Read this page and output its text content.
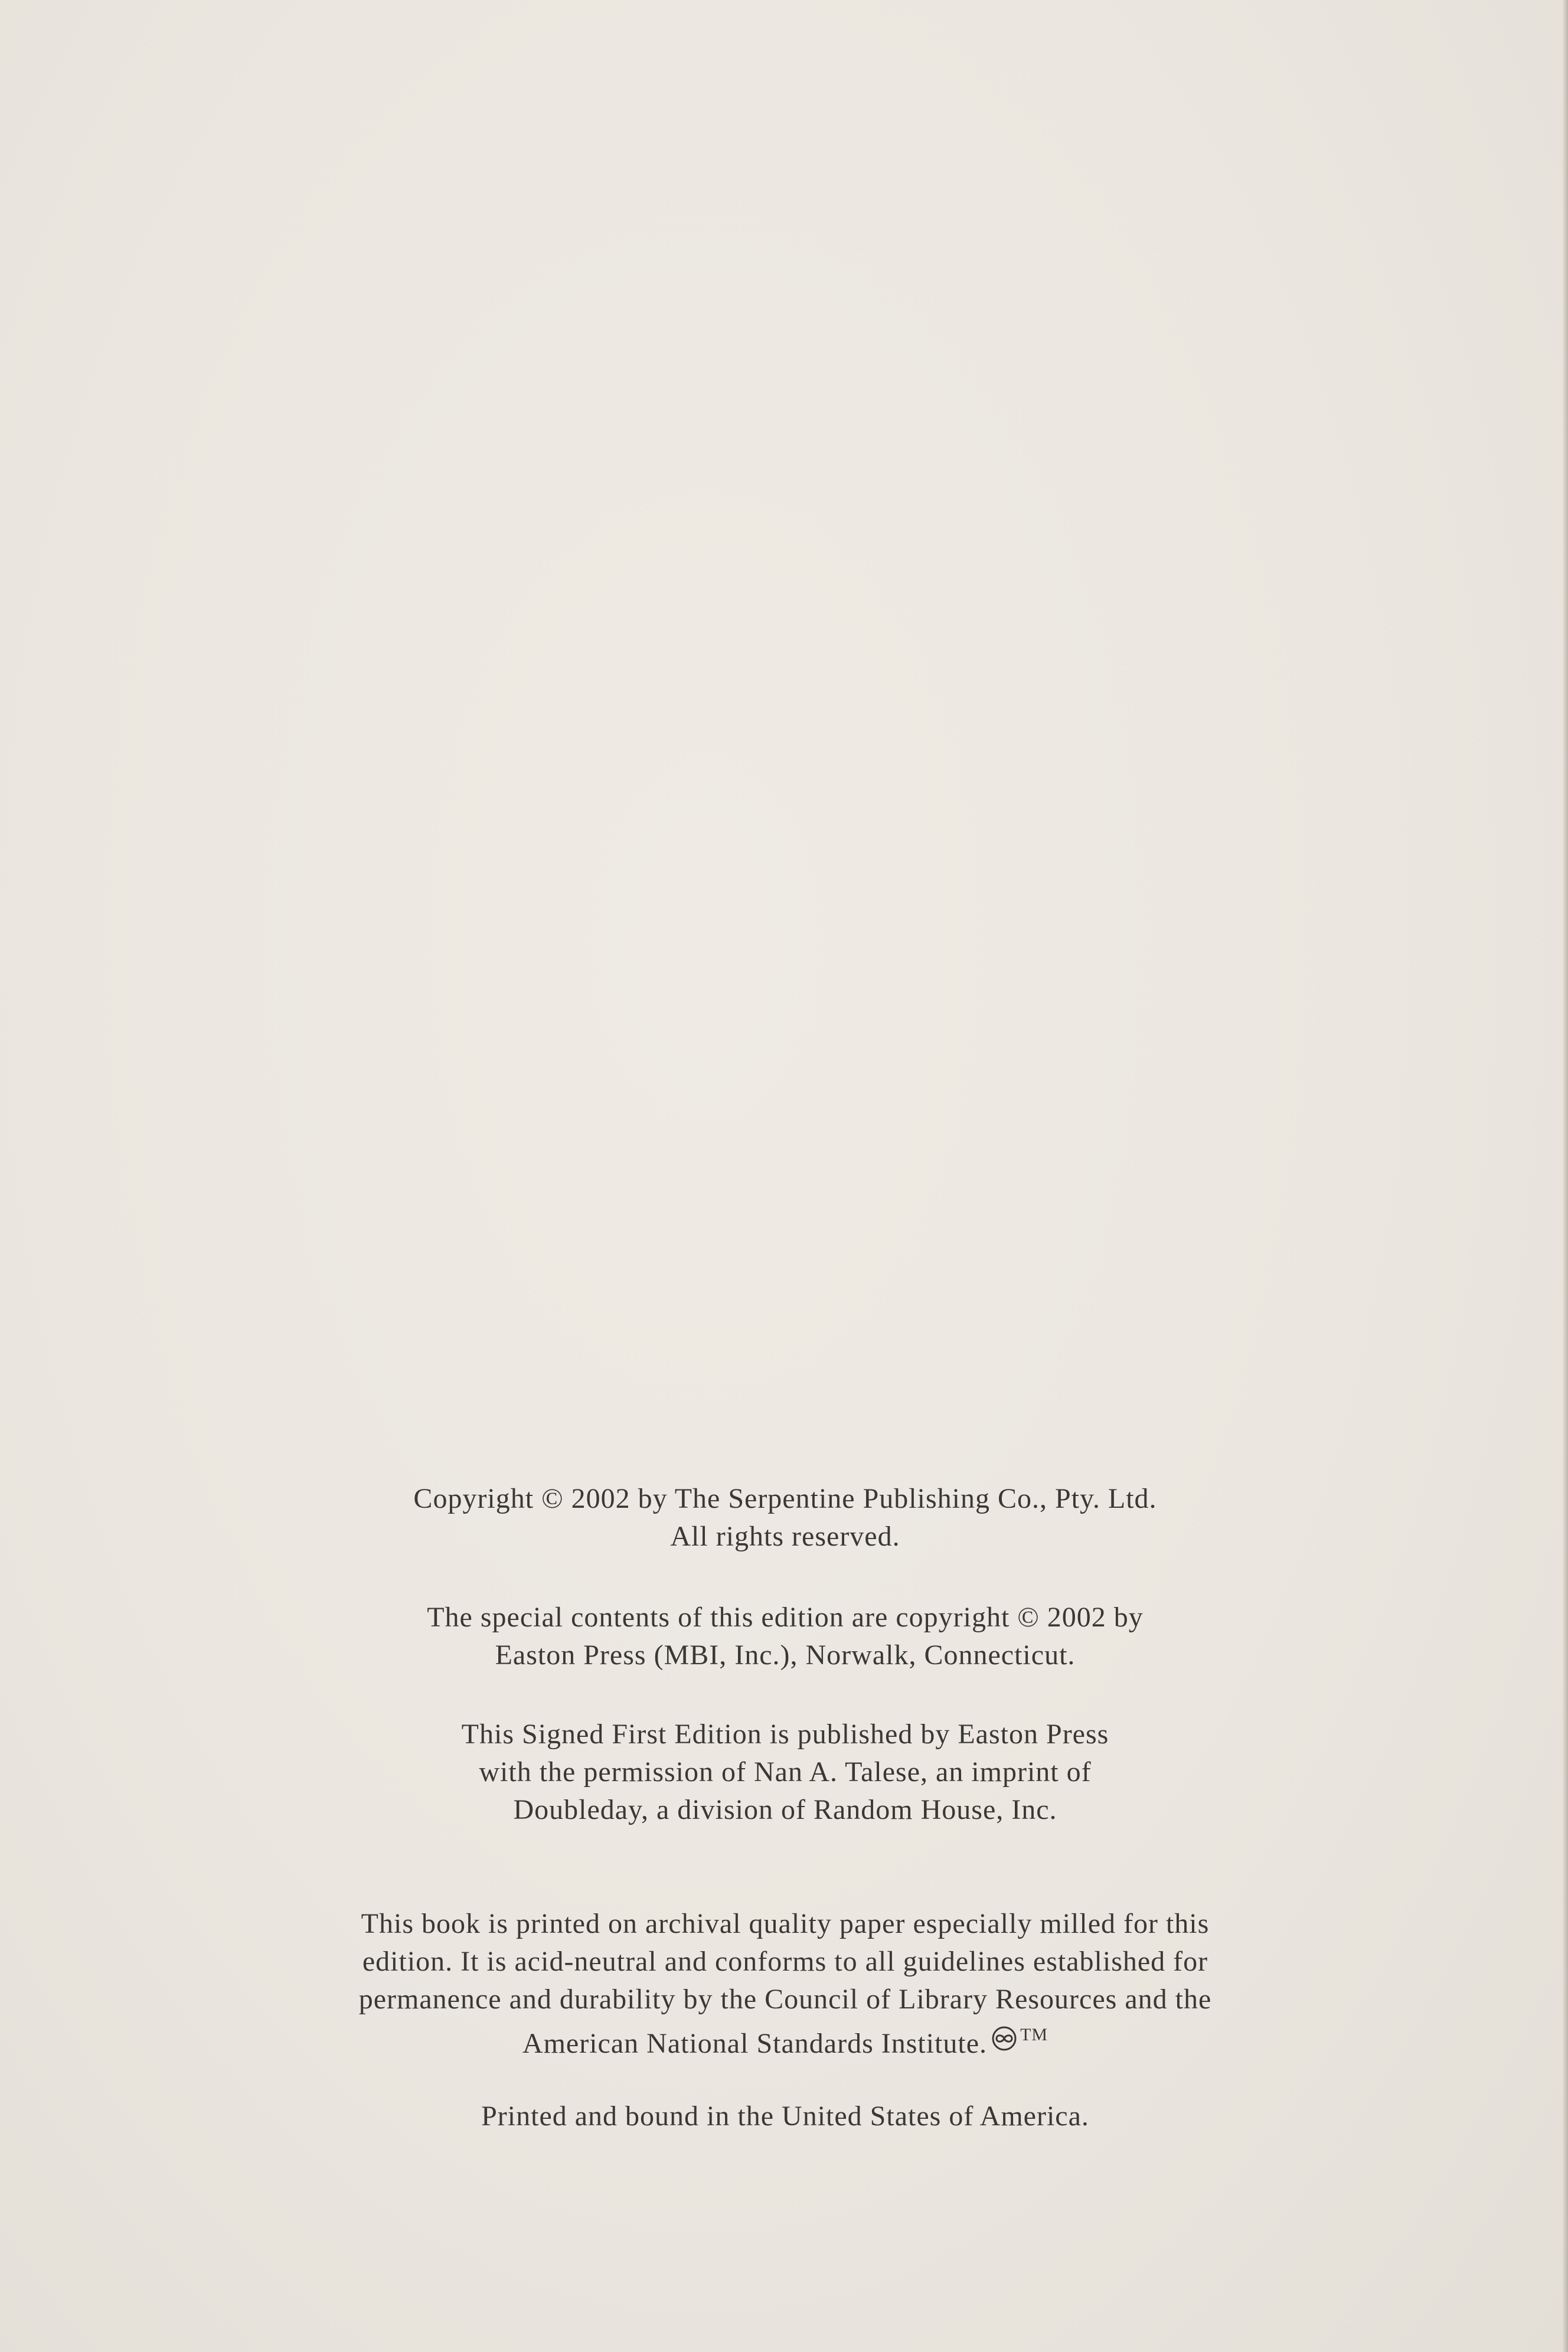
Copyright © 2002 by The Serpentine Publishing Co., Pty. Ltd.
All rights reserved.
The special contents of this edition are copyright © 2002 by
Easton Press (MBI, Inc.), Norwalk, Connecticut.
This Signed First Edition is published by Easton Press
with the permission of Nan A. Talese, an imprint of
Doubleday, a division of Random House, Inc.
This book is printed on archival quality paper especially milled for this
edition. It is acid-neutral and conforms to all guidelines established for
permanence and durability by the Council of Library Resources and the
American National Standards Institute. ™
Printed and bound in the United States of America.
